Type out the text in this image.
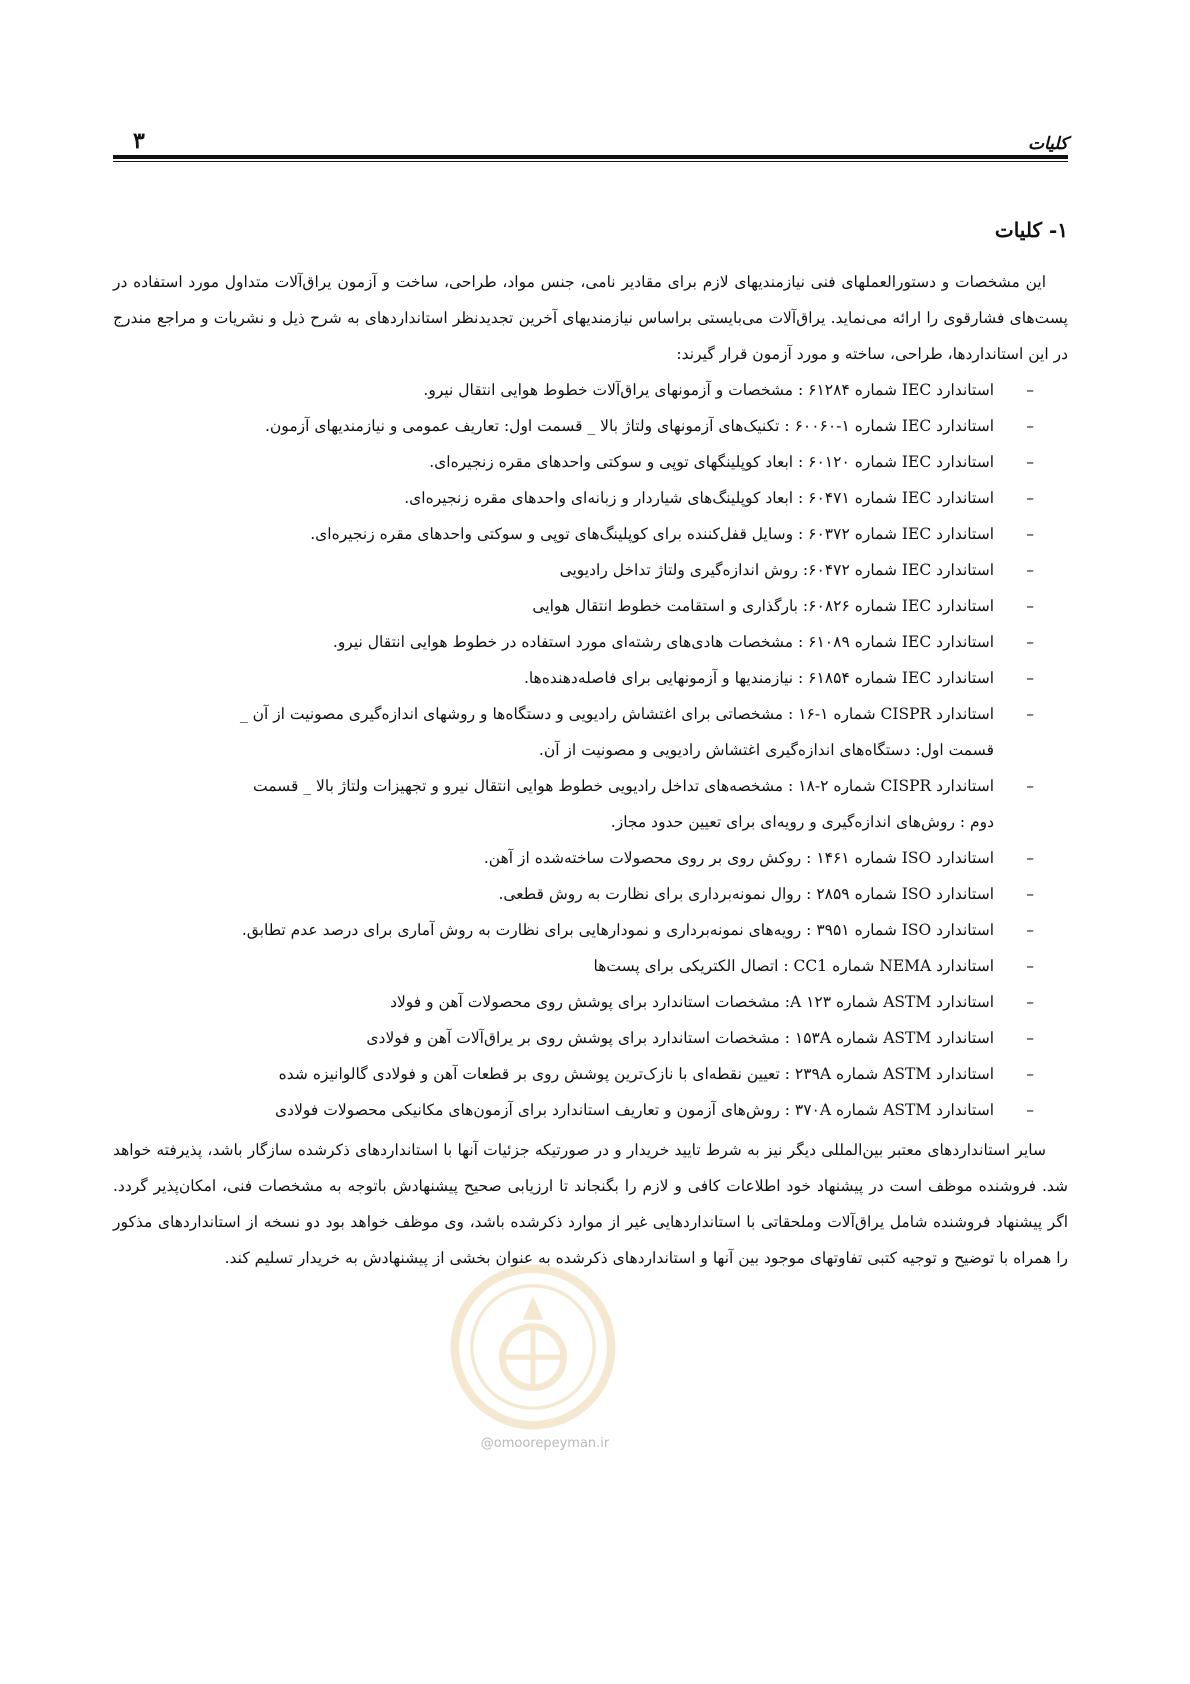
کلیات
۳
@omoorepeyman.ir
۱- کلیات

این مشخصات و دستورالعملهای فنی نیازمندیهای لازم برای مقادیر نامی، جنس مواد، طراحی، ساخت و آزمون یراق‌آلات متداول مورد استفاده در پست‌های فشارقوی را ارائه می‌نماید. یراق‌آلات می‌بایستی براساس نیازمندیهای آخرین تجدیدنظر استانداردهای به شرح ذیل و نشریات و مراجع مندرج در این استانداردها، طراحی، ساخته و مورد آزمون قرار گیرند:

–
استاندارد IEC شماره ۶۱۲۸۴ : مشخصات و آزمونهای یراق‌آلات خطوط هوایی انتقال نیرو.
–
استاندارد IEC شماره ۱-۶۰۰۶۰ : تکنیک‌های آزمونهای ولتاژ بالا _ قسمت اول: تعاریف عمومی و نیازمندیهای آزمون.
–
استاندارد IEC شماره ۶۰۱۲۰ : ابعاد کوپلینگهای توپی و سوکتی واحدهای مقره زنجیره‌ای.
–
استاندارد IEC شماره ۶۰۴۷۱ : ابعاد کوپلینگ‌های شیاردار و زبانه‌ای واحدهای مقره زنجیره‌ای.
–
استاندارد IEC شماره ۶۰۳۷۲ : وسایل قفل‌کننده برای کوپلینگ‌های توپی و سوکتی واحدهای مقره زنجیره‌ای.
–
استاندارد IEC شماره ۶۰۴۷۲: روش اندازه‌گیری ولتاژ تداخل رادیویی
–
استاندارد IEC شماره ۶۰۸۲۶: بارگذاری و استقامت خطوط انتقال هوایی
–
استاندارد IEC شماره ۶۱۰۸۹ : مشخصات هادی‌های رشته‌ای مورد استفاده در خطوط هوایی انتقال نیرو.
–
استاندارد IEC شماره ۶۱۸۵۴ : نیازمندیها و آزمونهایی برای فاصله‌دهنده‌ها.
–
استاندارد CISPR شماره ۱-۱۶ : مشخصاتی برای اغتشاش رادیویی و دستگاه‌ها و روشهای اندازه‌گیری مصونیت از آن _
قسمت اول: دستگاه‌های اندازه‌گیری اغتشاش رادیویی و مصونیت از آن.
–
استاندارد CISPR شماره ۲-۱۸ : مشخصه‌های تداخل رادیویی خطوط هوایی انتقال نیرو و تجهیزات ولتاژ بالا _ قسمت
دوم : روش‌های اندازه‌گیری و رویه‌ای برای تعیین حدود مجاز.
–
استاندارد ISO شماره ۱۴۶۱ : روکش روی بر روی محصولات ساخته‌شده از آهن.
–
استاندارد ISO شماره ۲۸۵۹ : روال نمونه‌برداری برای نظارت به روش قطعی.
–
استاندارد ISO شماره ۳۹۵۱ : رویه‌های نمونه‌برداری و نمودارهایی برای نظارت به روش آماری برای درصد عدم تطابق.
–
استاندارد NEMA شماره CC1 : اتصال الکتریکی برای پست‌ها
–
استاندارد ASTM شماره A ۱۲۳: مشخصات استاندارد برای پوشش روی محصولات آهن و فولاد
–
استاندارد ASTM شماره ۱۵۳A : مشخصات استاندارد برای پوشش روی بر یراق‌آلات آهن و فولادی
–
استاندارد ASTM شماره ۲۳۹A : تعیین نقطه‌ای با نازک‌ترین پوشش روی بر قطعات آهن و فولادی گالوانیزه شده
–
استاندارد ASTM شماره ۳۷۰A : روش‌های آزمون و تعاریف استاندارد برای آزمون‌های مکانیکی محصولات فولادی

سایر استانداردهای معتبر بین‌المللی دیگر نیز به شرط تایید خریدار و در صورتیکه جزئیات آنها با استانداردهای ذکرشده سازگار باشد، پذیرفته خواهد شد. فروشنده موظف است در پیشنهاد خود اطلاعات کافی و لازم را بگنجاند تا ارزیابی صحیح پیشنهادش باتوجه به مشخصات فنی، امکان‌پذیر گردد. اگر پیشنهاد فروشنده شامل یراق‌آلات وملحقاتی با استانداردهایی غیر از موارد ذکرشده باشد، وی موظف خواهد بود دو نسخه از استانداردهای مذکور را همراه با توضیح و توجیه کتبی تفاوتهای موجود بین آنها و استانداردهای ذکرشده به عنوان بخشی از پیشنهادش به خریدار تسلیم کند.
